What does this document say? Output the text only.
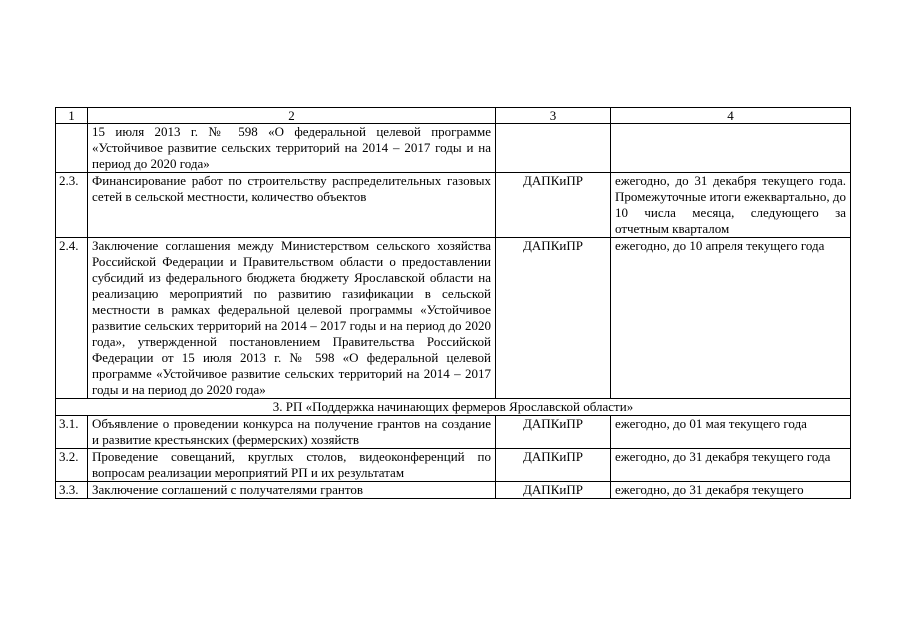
1	2	3	4
	15 июля 2013 г. № 598 «О федеральной целевой программе «Устойчивое развитие сельских территорий на 2014 – 2017 годы и на период до 2020 года»		
2.3.	Финансирование работ по строительству распределительных газовых сетей в сельской местности, количество объектов	ДАПКиПР	ежегодно, до 31 декабря текущего года. Промежуточные итоги ежеквартально, до 10 числа месяца, следующего за отчетным кварталом
2.4.	Заключение соглашения между Министерством сельского хозяйства Российской Федерации и Правительством области о предоставлении субсидий из федерального бюджета бюджету Ярославской области на реализацию мероприятий по развитию газификации в сельской местности в рамках федеральной целевой программы «Устойчивое развитие сельских территорий на 2014 – 2017 годы и на период до 2020 года», утвержденной постановлением Правительства Российской Федерации от 15 июля 2013 г. № 598 «О федеральной целевой программе «Устойчивое развитие сельских территорий на 2014 – 2017 годы и на период до 2020 года»	ДАПКиПР	ежегодно, до 10 апреля текущего года
3. РП «Поддержка начинающих фермеров Ярославской области»			
3.1.	Объявление о проведении конкурса на получение грантов на создание и развитие крестьянских (фермерских) хозяйств	ДАПКиПР	ежегодно, до 01 мая текущего года
3.2.	Проведение совещаний, круглых столов, видеоконференций по вопросам реализации мероприятий РП и их результатам	ДАПКиПР	ежегодно, до 31 декабря текущего года
3.3.	Заключение соглашений с получателями грантов	ДАПКиПР	ежегодно, до 31 декабря текущего
